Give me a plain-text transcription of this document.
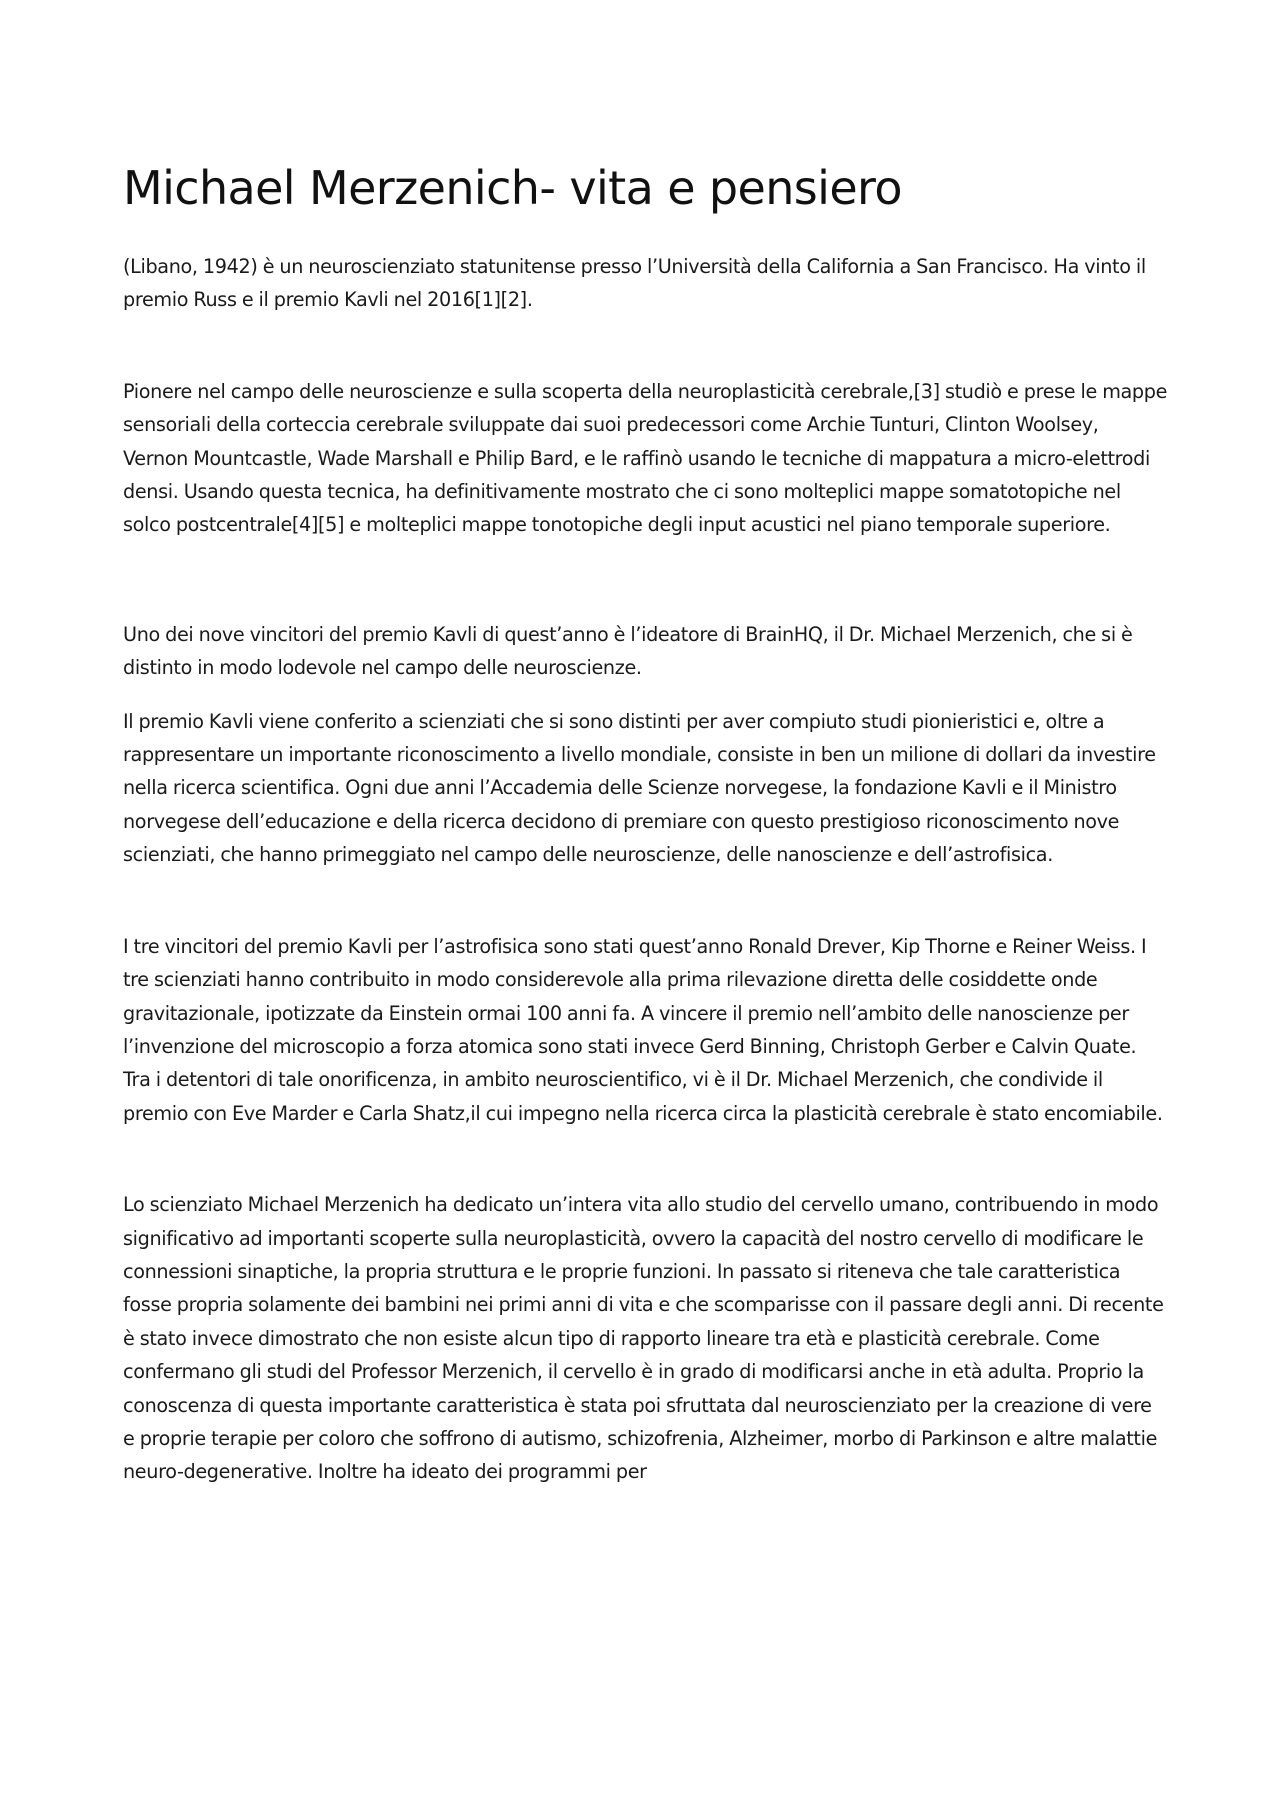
Michael Merzenich- vita e pensiero

(Libano, 1942) è un neuroscienziato statunitense presso l’Università della California a San Francisco. Ha vinto il premio Russ e il premio Kavli nel 2016[1][2].

Pionere nel campo delle neuroscienze e sulla scoperta della neuroplasticità cerebrale,[3] studiò e prese le mappe sensoriali della corteccia cerebrale sviluppate dai suoi predecessori come Archie Tunturi, Clinton Woolsey, Vernon Mountcastle, Wade Marshall e Philip Bard, e le raffinò usando le tecniche di mappatura a micro-elettrodi densi. Usando questa tecnica, ha definitivamente mostrato che ci sono molteplici mappe somatotopiche nel solco postcentrale[4][5] e molteplici mappe tonotopiche degli input acustici nel piano temporale superiore.

Uno dei nove vincitori del premio Kavli di quest’anno è l’ideatore di BrainHQ, il Dr. Michael Merzenich, che si è distinto in modo lodevole nel campo delle neuroscienze.

Il premio Kavli viene conferito a scienziati che si sono distinti per aver compiuto studi pionieristici e, oltre a rappresentare un importante riconoscimento a livello mondiale, consiste in ben un milione di dollari da investire nella ricerca scientifica. Ogni due anni l’Accademia delle Scienze norvegese, la fondazione Kavli e il Ministro norvegese dell’educazione e della ricerca decidono di premiare con questo prestigioso riconoscimento nove scienziati, che hanno primeggiato nel campo delle neuroscienze, delle nanoscienze e dell’astrofisica.

I tre vincitori del premio Kavli per l’astrofisica sono stati quest’anno Ronald Drever, Kip Thorne e Reiner Weiss. I tre scienziati hanno contribuito in modo considerevole alla prima rilevazione diretta delle cosiddette onde gravitazionale, ipotizzate da Einstein ormai 100 anni fa. A vincere il premio nell’ambito delle nanoscienze per l’invenzione del microscopio a forza atomica sono stati invece Gerd Binning, Christoph Gerber e Calvin Quate. Tra i detentori di tale onorificenza, in ambito neuroscientifico, vi è il Dr. Michael Merzenich, che condivide il premio con Eve Marder e Carla Shatz,il cui impegno nella ricerca circa la plasticità cerebrale è stato encomiabile.

Lo scienziato Michael Merzenich ha dedicato un’intera vita allo studio del cervello umano, contribuendo in modo significativo ad importanti scoperte sulla neuroplasticità, ovvero la capacità del nostro cervello di modificare le connessioni sinaptiche, la propria struttura e le proprie funzioni. In passato si riteneva che tale caratteristica fosse propria solamente dei bambini nei primi anni di vita e che scomparisse con il passare degli anni. Di recente è stato invece dimostrato che non esiste alcun tipo di rapporto lineare tra età e plasticità cerebrale. Come confermano gli studi del Professor Merzenich, il cervello è in grado di modificarsi anche in età adulta. Proprio la conoscenza di questa importante caratteristica è stata poi sfruttata dal neuroscienziato per la creazione di vere e proprie terapie per coloro che soffrono di autismo, schizofrenia, Alzheimer, morbo di Parkinson e altre malattie neuro-degenerative. Inoltre ha ideato dei programmi per
